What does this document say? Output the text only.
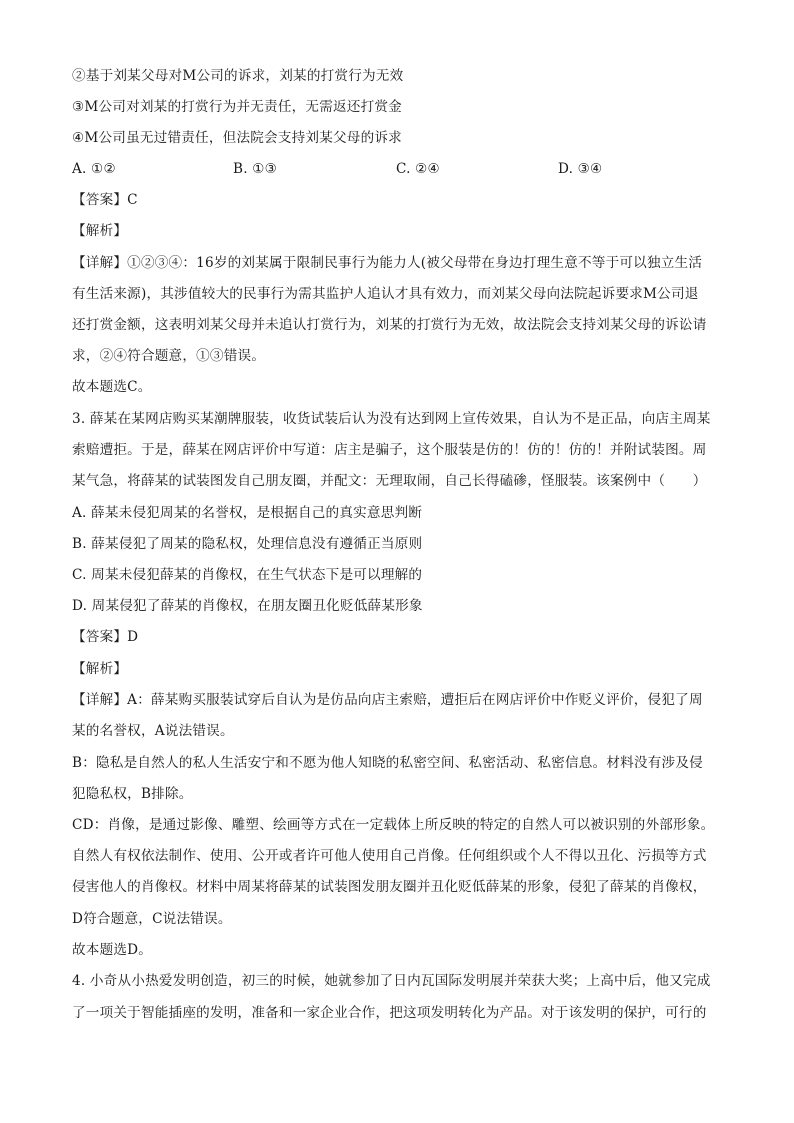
②基于刘某父母对M公司的诉求，刘某的打赏行为无效
③M公司对刘某的打赏行为并无责任，无需返还打赏金
④M公司虽无过错责任，但法院会支持刘某父母的诉求
A. ①②	B. ①③	C. ②④	D. ③④
【答案】C
【解析】
【详解】①②③④：16岁的刘某属于限制民事行为能力人(被父母带在身边打理生意不等于可以独立生活
有生活来源)，其涉值较大的民事行为需其监护人追认才具有效力，而刘某父母向法院起诉要求M公司退
还打赏金额，这表明刘某父母并未追认打赏行为，刘某的打赏行为无效，故法院会支持刘某父母的诉讼请
求，②④符合题意，①③错误。
故本题选C。
3. 薛某在某网店购买某潮牌服装，收货试装后认为没有达到网上宣传效果，自认为不是正品，向店主周某
索赔遭拒。于是，薛某在网店评价中写道：店主是骗子，这个服装是仿的！仿的！仿的！并附试装图。周
某气急，将薛某的试装图发自己朋友圈，并配文：无理取闹，自己长得磕碜，怪服装。该案例中（　　）
A. 薛某未侵犯周某的名誉权，是根据自己的真实意思判断
B. 薛某侵犯了周某的隐私权，处理信息没有遵循正当原则
C. 周某未侵犯薛某的肖像权，在生气状态下是可以理解的
D. 周某侵犯了薛某的肖像权，在朋友圈丑化贬低薛某形象
【答案】D
【解析】
【详解】A：薛某购买服装试穿后自认为是仿品向店主索赔，遭拒后在网店评价中作贬义评价，侵犯了周
某的名誉权，A说法错误。
B：隐私是自然人的私人生活安宁和不愿为他人知晓的私密空间、私密活动、私密信息。材料没有涉及侵
犯隐私权，B排除。
CD：肖像，是通过影像、雕塑、绘画等方式在一定载体上所反映的特定的自然人可以被识别的外部形象。
自然人有权依法制作、使用、公开或者许可他人使用自己肖像。任何组织或个人不得以丑化、污损等方式
侵害他人的肖像权。材料中周某将薛某的试装图发朋友圈并丑化贬低薛某的形象，侵犯了薛某的肖像权，
D符合题意，C说法错误。
故本题选D。
4. 小奇从小热爱发明创造，初三的时候，她就参加了日内瓦国际发明展并荣获大奖；上高中后，他又完成
了一项关于智能插座的发明，准备和一家企业合作，把这项发明转化为产品。对于该发明的保护，可行的
